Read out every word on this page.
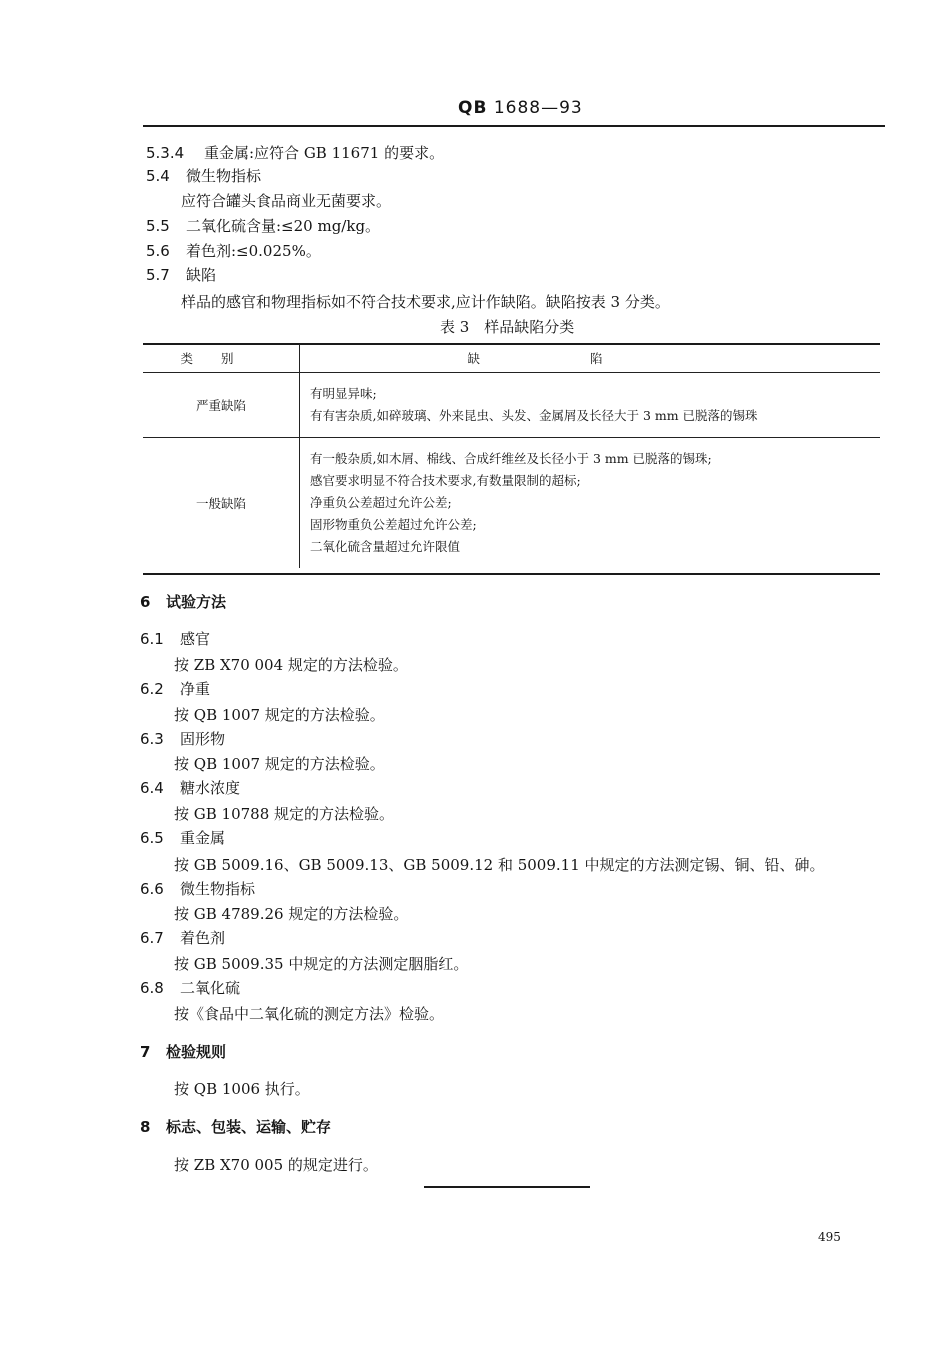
QB 1688—93
5.3.4 重金属:应符合 GB 11671 的要求。
5.4 微生物指标
应符合罐头食品商业无菌要求。
5.5 二氧化硫含量:≤20 mg/kg。
5.6 着色剂:≤0.025%。
5.7 缺陷
样品的感官和物理指标如不符合技术要求,应计作缺陷。缺陷按表 3 分类。
表 3　样品缺陷分类
类别	缺陷
严重缺陷	有明显异味;
有有害杂质,如碎玻璃、外来昆虫、头发、金属屑及长径大于 3 mm 已脱落的锡珠

一般缺陷	有一般杂质,如木屑、棉线、合成纤维丝及长径小于 3 mm 已脱落的锡珠;
感官要求明显不符合技术要求,有数量限制的超标;
净重负公差超过允许公差;
固形物重负公差超过允许公差;
二氧化硫含量超过允许限值
6 试验方法
6.1 感官
按 ZB X70 004 规定的方法检验。
6.2 净重
按 QB 1007 规定的方法检验。
6.3 固形物
按 QB 1007 规定的方法检验。
6.4 糖水浓度
按 GB 10788 规定的方法检验。
6.5 重金属
按 GB 5009.16、GB 5009.13、GB 5009.12 和 5009.11 中规定的方法测定锡、铜、铅、砷。
6.6 微生物指标
按 GB 4789.26 规定的方法检验。
6.7 着色剂
按 GB 5009.35 中规定的方法测定胭脂红。
6.8 二氧化硫
按《食品中二氧化硫的测定方法》检验。
7 检验规则
按 QB 1006 执行。
8 标志、包装、运输、贮存
按 ZB X70 005 的规定进行。
495
